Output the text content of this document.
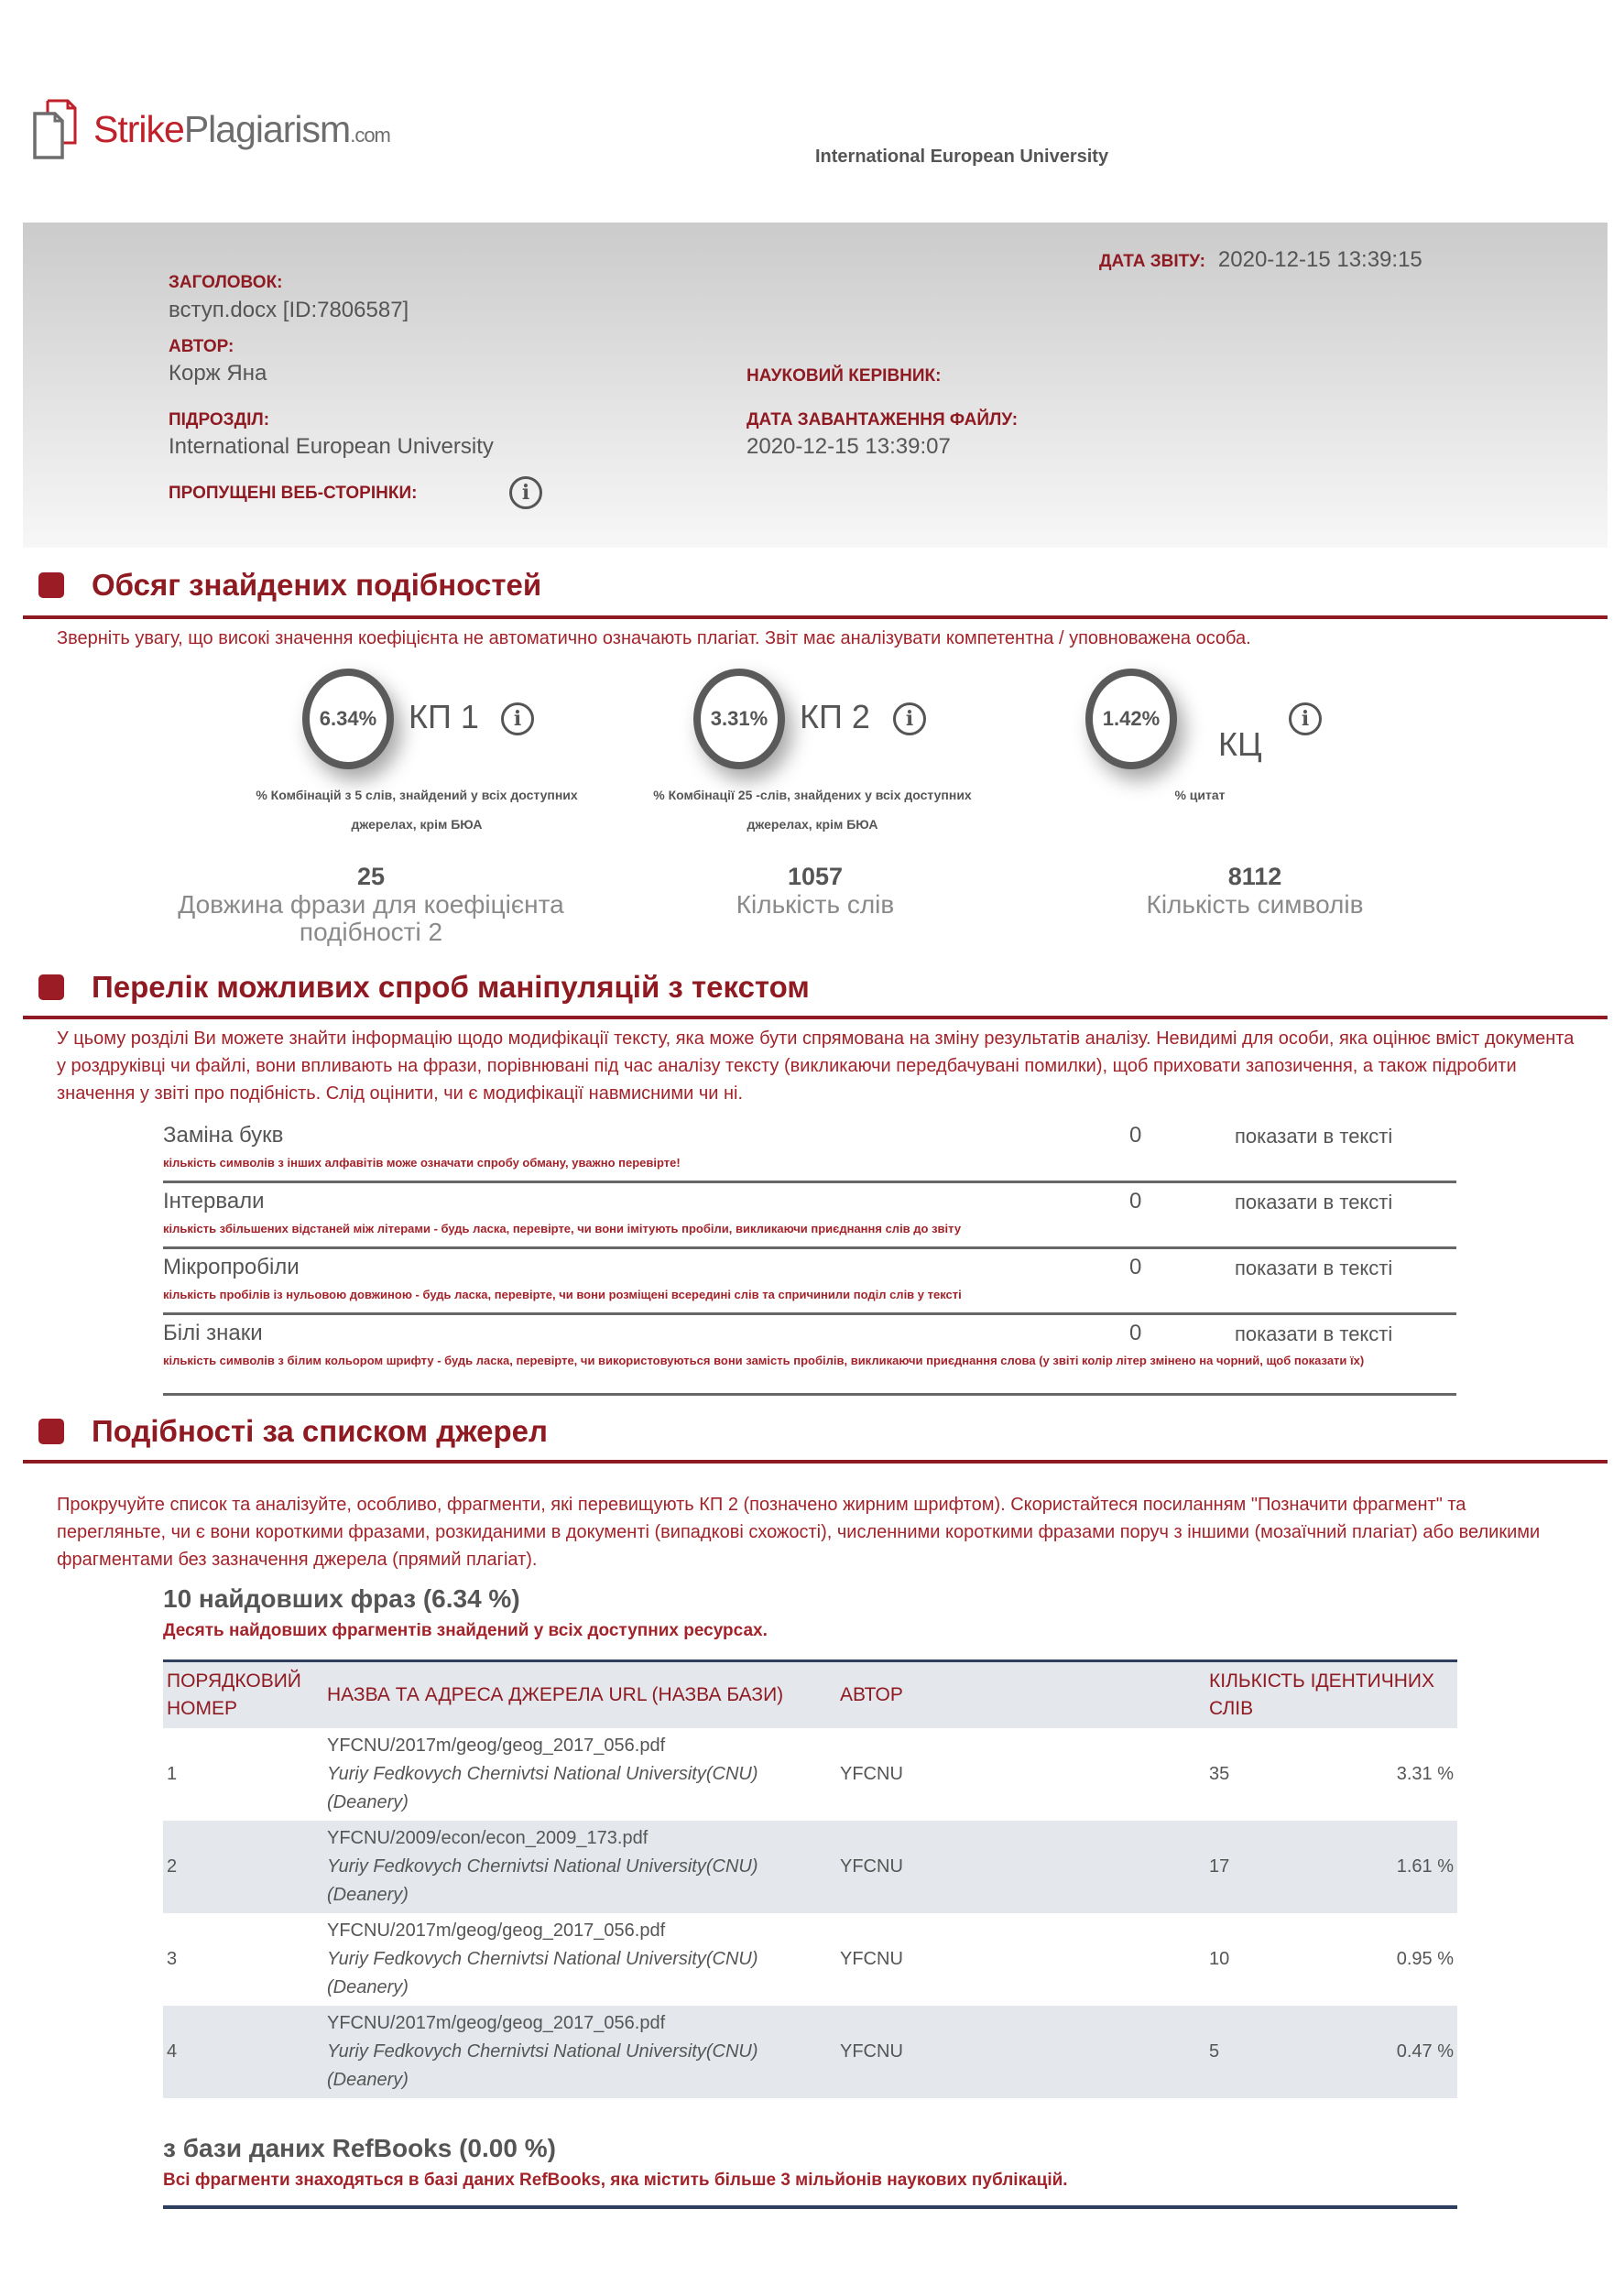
StrikePlagiarism.com
International European University
ДАТА ЗВІТУ: 2020-12-15 13:39:15
ЗАГОЛОВОК:
вступ.docx [ID:7806587]
АВТОР:
Корж Яна	НАУКОВИЙ КЕРІВНИК:
ПІДРОЗДІЛ:
International European University
ДАТА ЗАВАНТАЖЕННЯ ФАЙЛУ:
2020-12-15 13:39:07
ПРОПУЩЕНІ ВЕБ-СТОРІНКИ:	i
Обсяг знайдених подібностей
Зверніть увагу, що високі значення коефіцієнта не автоматично означають плагіат. Звіт має аналізувати компетентна / уповноважена особа.
6.34% КП 1	i
% Комбінацій з 5 слів, знайдений у всіх доступних
джерелах, крім БЮА
3.31% КП 2	i
% Комбінації 25 -слів, знайдених у всіх доступних
джерелах, крім БЮА
1.42%
КЦ
i
% цитат
25
Довжина фрази для коефіцієнта подібності 2
1057
Кількість слів
8112
Кількість символів
Перелік можливих спроб маніпуляцій з текстом
У цьому розділі Ви можете знайти інформацію щодо модифікації тексту, яка може бути спрямована на зміну результатів аналізу. Невидимі для особи, яка оцінює вміст документа у роздруківці чи файлі, вони впливають на фрази, порівнювані під час аналізу тексту (викликаючи передбачувані помилки), щоб приховати запозичення, а також підробити значення у звіті про подібність. Слід оцінити, чи є модифікації навмисними чи ні.
Заміна букв
кількість символів з інших алфавітів може означати спробу обману, уважно перевірте!
0	показати в тексті
Інтервали
кількість збільшених відстаней між літерами - будь ласка, перевірте, чи вони імітують пробіли, викликаючи приєднання слів до звіту
0	показати в тексті
Мікропробіли
кількість пробілів із нульовою довжиною - будь ласка, перевірте, чи вони розміщені всередині слів та спричинили поділ слів у тексті
0	показати в тексті
Білі знаки
кількість символів з білим кольором шрифту - будь ласка, перевірте, чи використовуються вони замість пробілів, викликаючи приєднання слова (у звіті колір літер змінено на чорний, щоб показати їх)
0	показати в тексті
Подібності за списком джерел
Прокручуйте список та аналізуйте, особливо, фрагменти, які перевищують КП 2 (позначено жирним шрифтом). Скористайтеся посиланням "Позначити фрагмент" та перегляньте, чи є вони короткими фразами, розкиданими в документі (випадкові схожості), численними короткими фразами поруч з іншими (мозаїчний плагіат) або великими фрагментами без зазначення джерела (прямий плагіат).
10 найдовших фраз (6.34 %)
Десять найдовших фрагментів знайдений у всіх доступних ресурсах.
ПОРЯДКОВИЙ НОМЕР	НАЗВА ТА АДРЕСА ДЖЕРЕЛА URL (НАЗВА БАЗИ)	АВТОР	КІЛЬКІСТЬ ІДЕНТИЧНИХ СЛІВ	
1	YFCNU/2017m/geog/geog_2017_056.pdf
Yuriy Fedkovych Chernivtsi National University(CNU) (Deanery)	YFCNU	35	3.31 %
2	YFCNU/2009/econ/econ_2009_173.pdf
Yuriy Fedkovych Chernivtsi National University(CNU) (Deanery)	YFCNU	17	1.61 %
3	YFCNU/2017m/geog/geog_2017_056.pdf
Yuriy Fedkovych Chernivtsi National University(CNU) (Deanery)	YFCNU	10	0.95 %
4	YFCNU/2017m/geog/geog_2017_056.pdf
Yuriy Fedkovych Chernivtsi National University(CNU) (Deanery)	YFCNU	5	0.47 %
з бази даних RefBooks (0.00 %)
Всі фрагменти знаходяться в базі даних RefBooks, яка містить більше 3 мільйонів наукових публікацій.
